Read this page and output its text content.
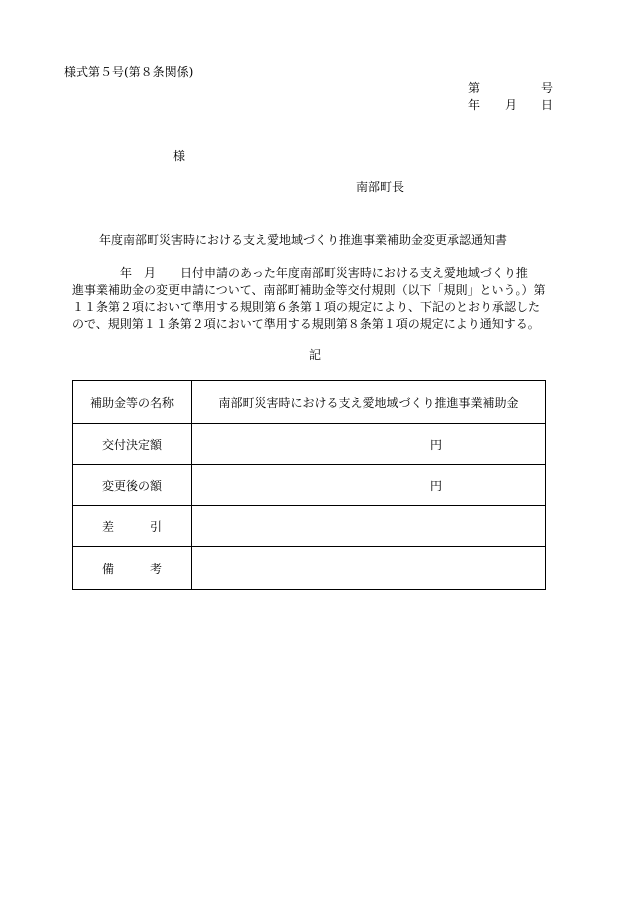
様式第５号(第８条関係)
第	号
年 月 日
様
南部町長
年度南部町災害時における支え愛地域づくり推進事業補助金変更承認通知書
　　　　年　月　　日付申請のあった年度南部町災害時における支え愛地域づくり推
進事業補助金の変更申請について、南部町補助金等交付規則（以下「規則」という。）第
１１条第２項において準用する規則第６条第１項の規定により、下記のとおり承認した
ので、規則第１１条第２項において準用する規則第８条第１項の規定により通知する。
記
補助金等の名称	南部町災害時における支え愛地域づくり推進事業補助金
交付決定額	円
変更後の額	円
差　　　引	
備　　　考	
